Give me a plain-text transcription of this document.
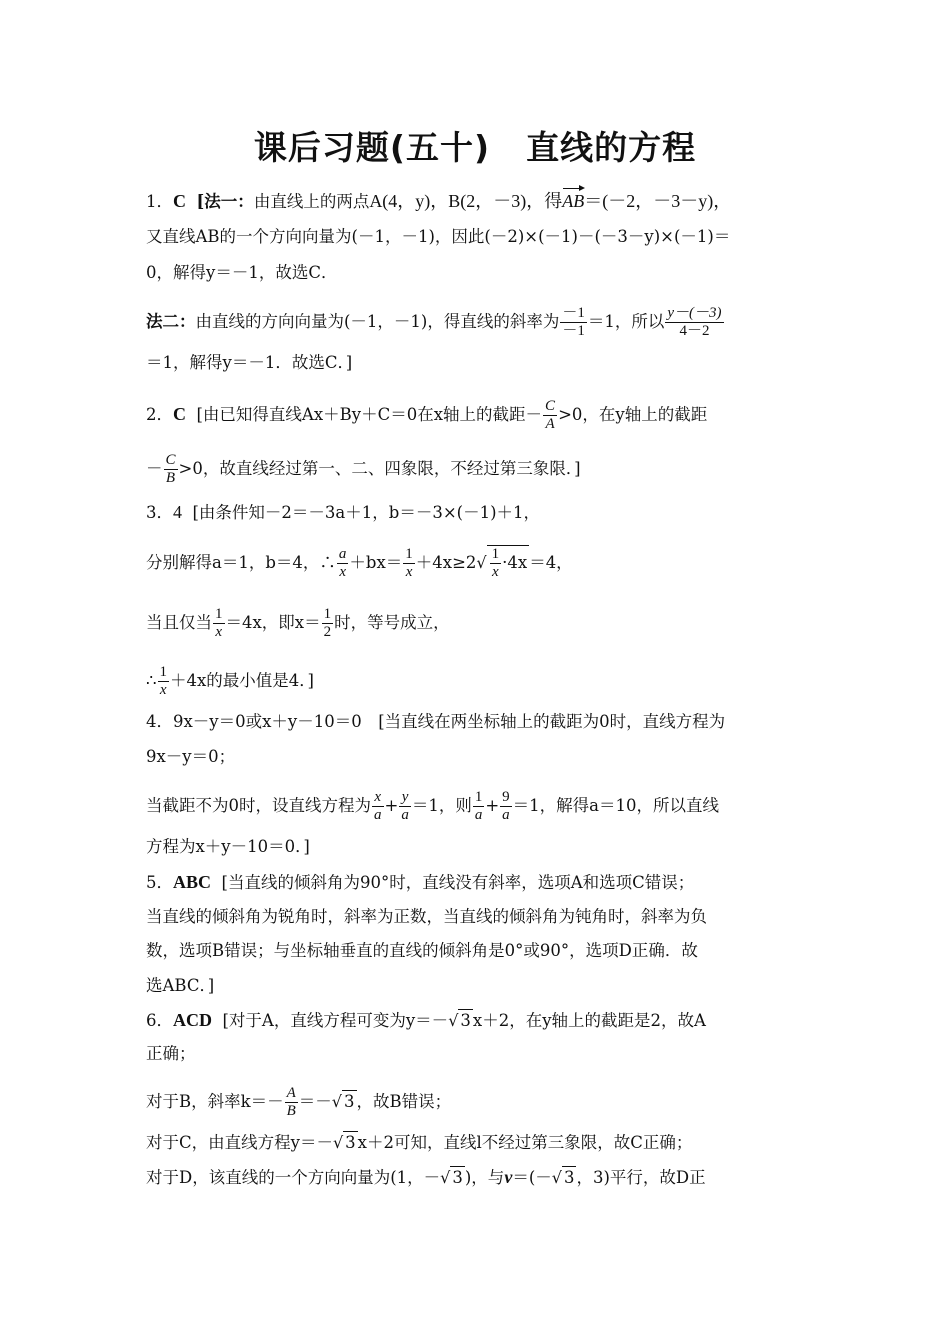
课后习题(五十) 直线的方程
1．C [法一：由直线上的两点A(4，y)，B(2，－3)，得AB＝(－2，－3－y)，
又直线AB的一个方向向量为(－1，－1)，因此(－2)×(－1)－(－3－y)×(－1)＝
0，解得y＝－1，故选C．
法二：由直线的方向向量为(－1，－1)，得直线的斜率为 $\frac{-1}{-1} =1$，所以 $\frac{y-(-3)}{4-2}$
＝1，解得y＝－1．故选C．]
2．C [由已知得直线Ax＋By＋C＝0在x轴上的截距－ $\frac{C}{A} >0$，在y轴上的截距
－ $\frac{C}{B} >0$，故直线经过第一、二、四象限，不经过第三象限．]
3．4 [由条件知－2＝－3a＋1，b＝－3×(－1)＋1，
分别解得a＝1，b＝4，∴ $\frac{a}{x} +bx= \frac{1}{x} +4x\ge 2√ \frac{1}{x} \cdot 4x =4$，
当且仅当 $\frac{1}{x} =4x$，即$x= \frac{1}{2}$ 时，等号成立，
∴ $\frac{1}{x} +4x$的最小值是4．]
4．9x－y＝0或x＋y－10＝0　[当直线在两坐标轴上的截距为0时，直线方程为
9x－y＝0；
当截距不为0时，设直线方程为 $\frac{x}{a} + \frac{y}{a} =1$，则 $\frac{1}{a} + \frac{9}{a} =1$，解得a＝10，所以直线
方程为x＋y－10＝0．]
5．ABC [当直线的倾斜角为90°时，直线没有斜率，选项A和选项C错误；
当直线的倾斜角为锐角时，斜率为正数，当直线的倾斜角为钝角时，斜率为负
数，选项B错误；与坐标轴垂直的直线的倾斜角是0°或90°，选项D正确．故
选ABC．]
6．ACD [对于A，直线方程可变为y＝－√ 3 x＋2，在y轴上的截距是2，故A
正确；
对于B，斜率$k=- \frac{A}{B}$ ＝－√ 3 ，故B错误；
对于C，由直线方程y＝－√ 3 x＋2可知，直线l不经过第三象限，故C正确；
对于D，该直线的一个方向向量为(1，－√ 3 )，与v＝(－√ 3 ，3)平行，故D正
